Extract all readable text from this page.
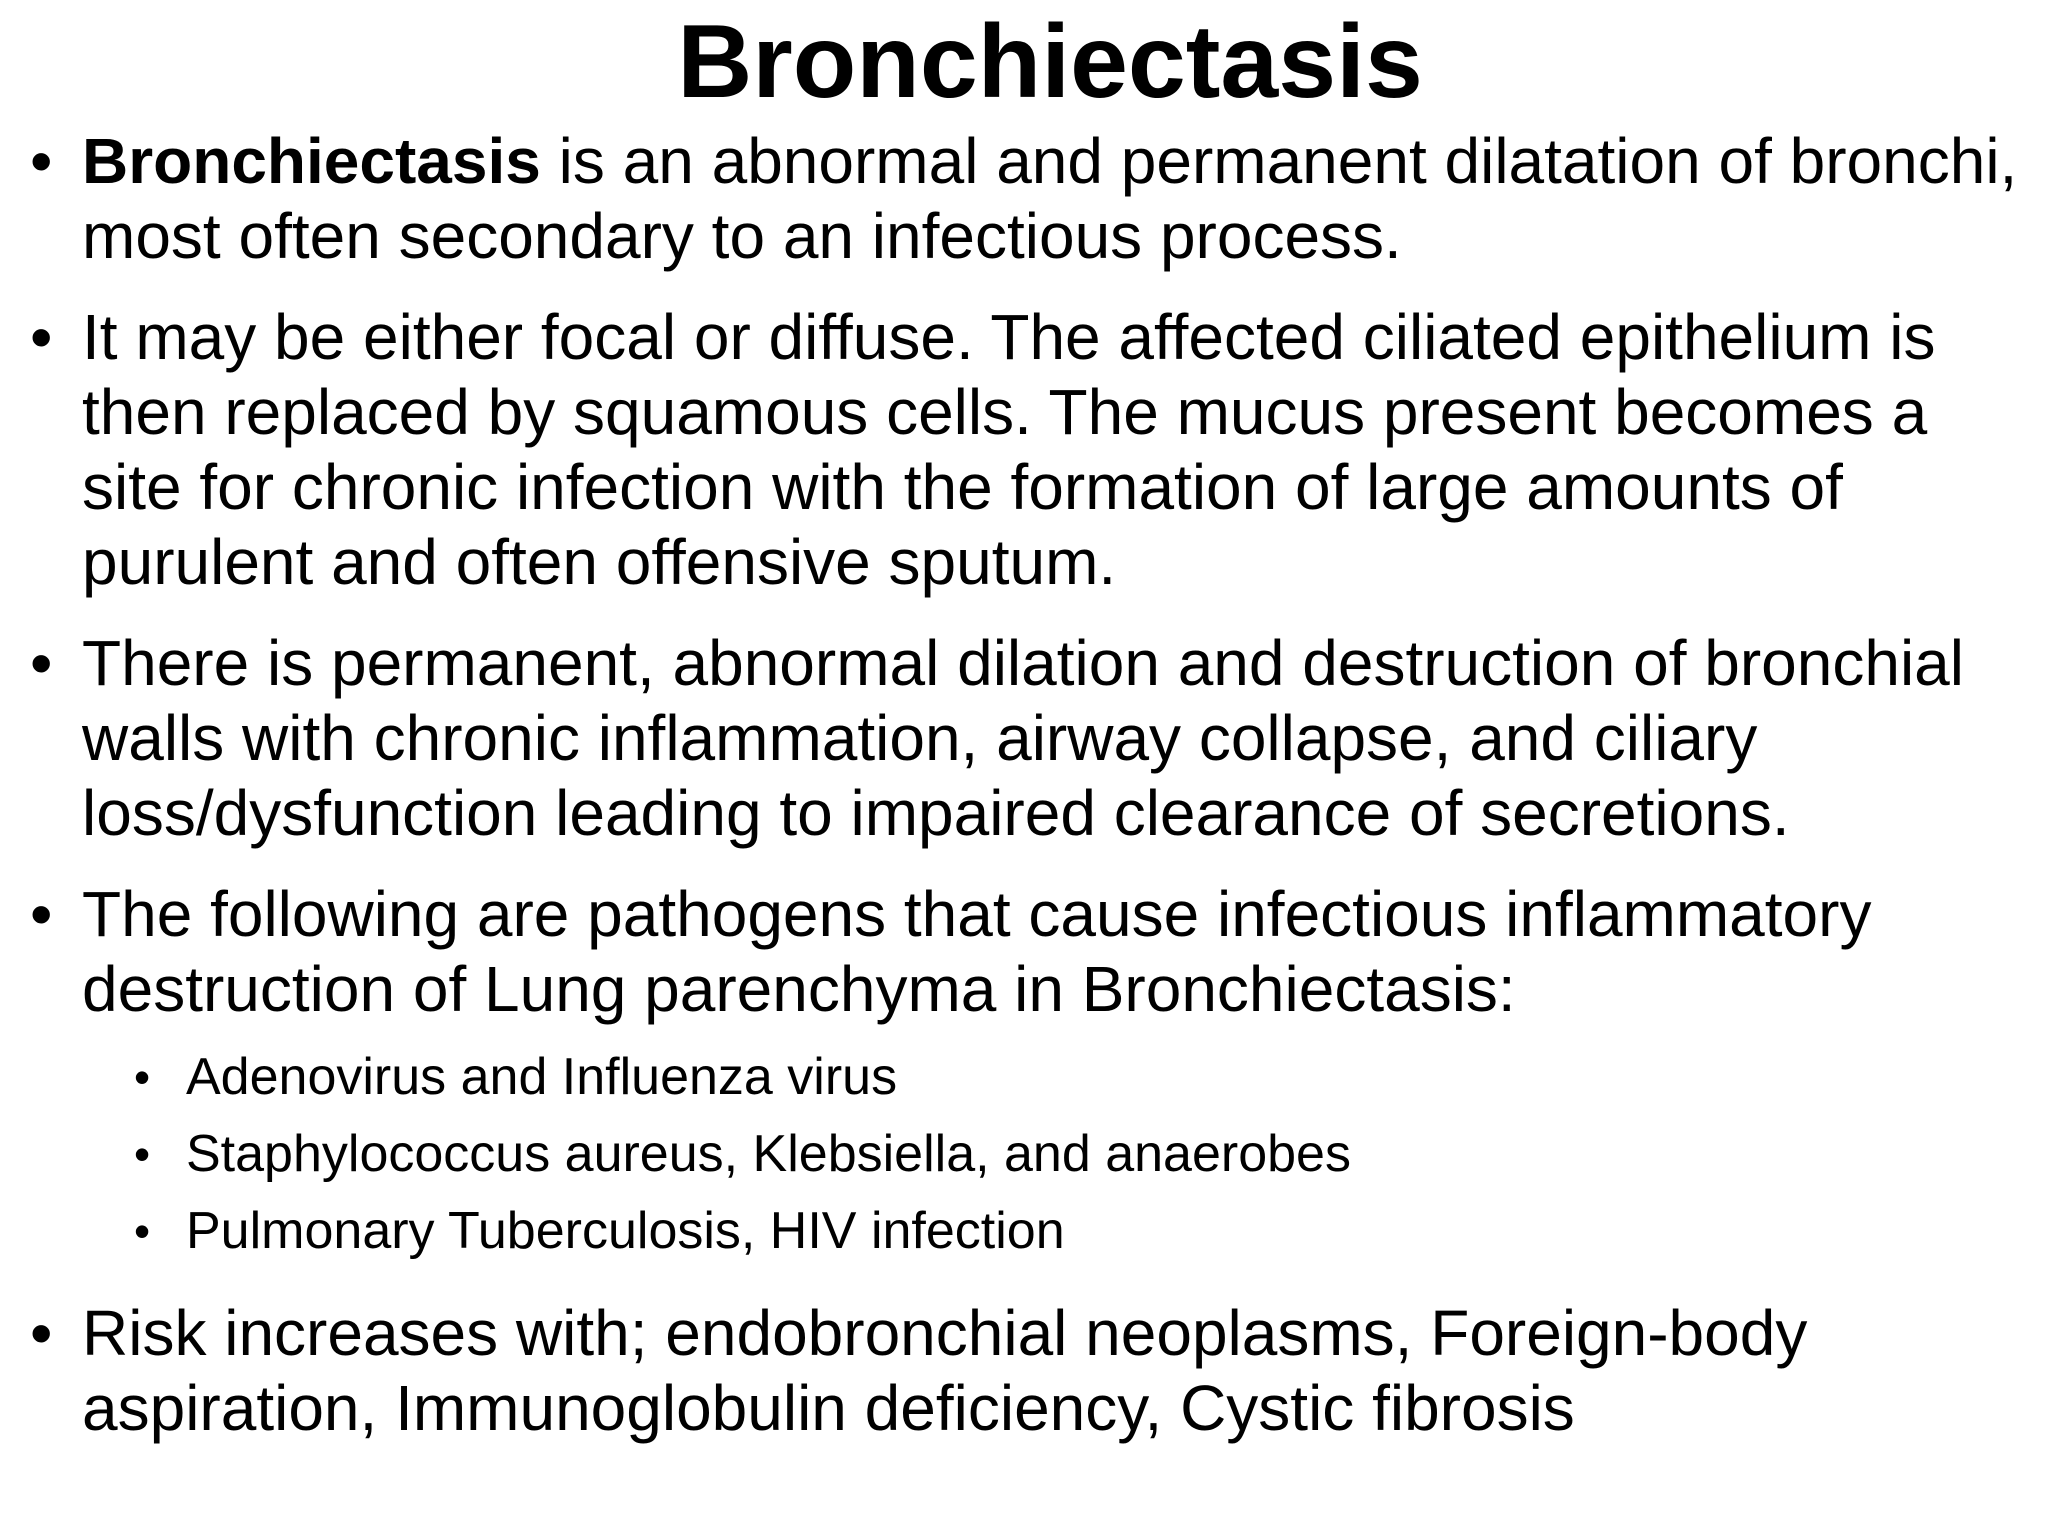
Bronchiectasis
• Bronchiectasis is an abnormal and permanent dilatation of bronchi, most often secondary to an infectious process.
• It may be either focal or diffuse. The affected ciliated epithelium is then replaced by squamous cells. The mucus present becomes a site for chronic infection with the formation of large amounts of purulent and often offensive sputum.
• There is permanent, abnormal dilation and destruction of bronchial walls with chronic inflammation, airway collapse, and ciliary loss/dysfunction leading to impaired clearance of secretions.
• The following are pathogens that cause infectious inflammatory destruction of Lung parenchyma in Bronchiectasis:
• Adenovirus and Influenza virus
• Staphylococcus aureus, Klebsiella, and anaerobes
• Pulmonary Tuberculosis, HIV infection
• Risk increases with; endobronchial neoplasms, Foreign-body aspiration, Immunoglobulin deficiency, Cystic fibrosis
